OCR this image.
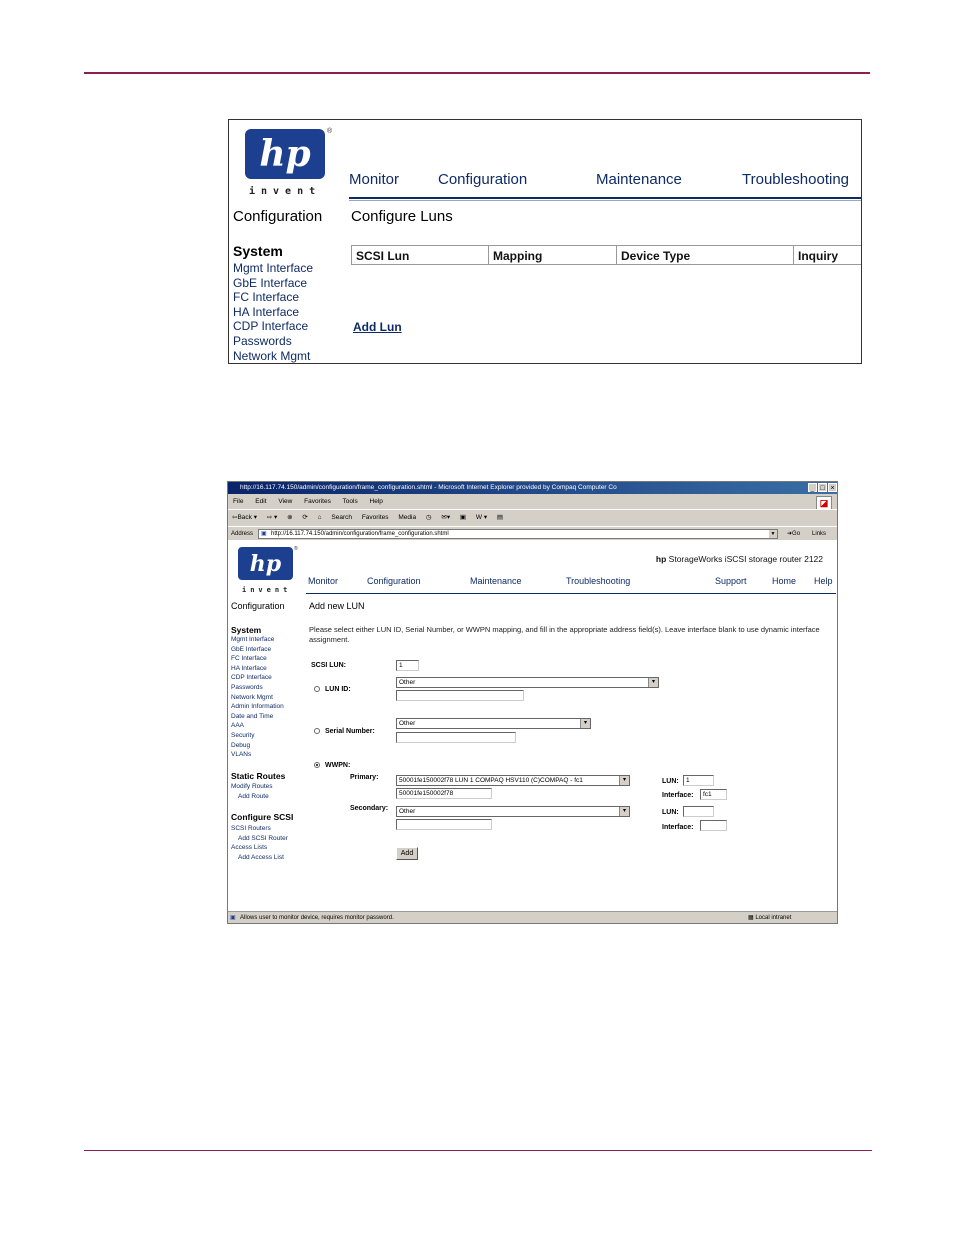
hp
®
invent
Monitor	Configuration	Maintenance	Troubleshooting
Configuration Configure Luns
System
Mgmt Interface
GbE Interface
FC Interface
HA Interface
CDP Interface
Passwords
Network Mgmt
SCSI Lun	Mapping	Device Type	Inquiry
Add Lun
http://16.117.74.150/admin/configuration/frame_configuration.shtml - Microsoft Internet Explorer provided by Compaq Computer Co	_ □ ×
File Edit View Favorites Tools Help	◪
⇦Back ▾ ⇨ ▾ ⊗ ⟳ ⌂ Search Favorites Media ◷ ✉▾ ▣ W ▾ ▤
Address ▣ http://16.117.74.150/admin/configuration/frame_configuration.shtml	▼ ➜Go Links
hp
®
invent
hp StorageWorks iSCSI storage router 2122
Monitor	Configuration	Maintenance	Troubleshooting	Support	Home Help
Configuration	Add new LUN
System
Mgmt Interface
GbE Interface
FC Interface
HA Interface
CDP Interface
Passwords
Network Mgmt
Admin Information
Date and Time
AAA
Security
Debug
VLANs
Static Routes
Modify Routes
Add Route
Configure SCSI
SCSI Routers
Add SCSI Router
Access Lists
Add Access List
Please select either LUN ID, Serial Number, or WWPN mapping, and fill in the appropriate address field(s). Leave interface blank to use dynamic interface assignment.
SCSI LUN:	1
LUN ID:
Other	▾
Serial Number:
Other	▾
WWPN:
Primary:	50001fe15000​2f78 LUN 1 COMPAQ HSV110 (C)COMPAQ - fc1	▾
50001fe150002f78
Secondary:	Other	▾
LUN:	1
Interface:	fc1
LUN:
Interface:
Add
▣ Allows user to monitor device, requires monitor password.	▦ Local intranet
